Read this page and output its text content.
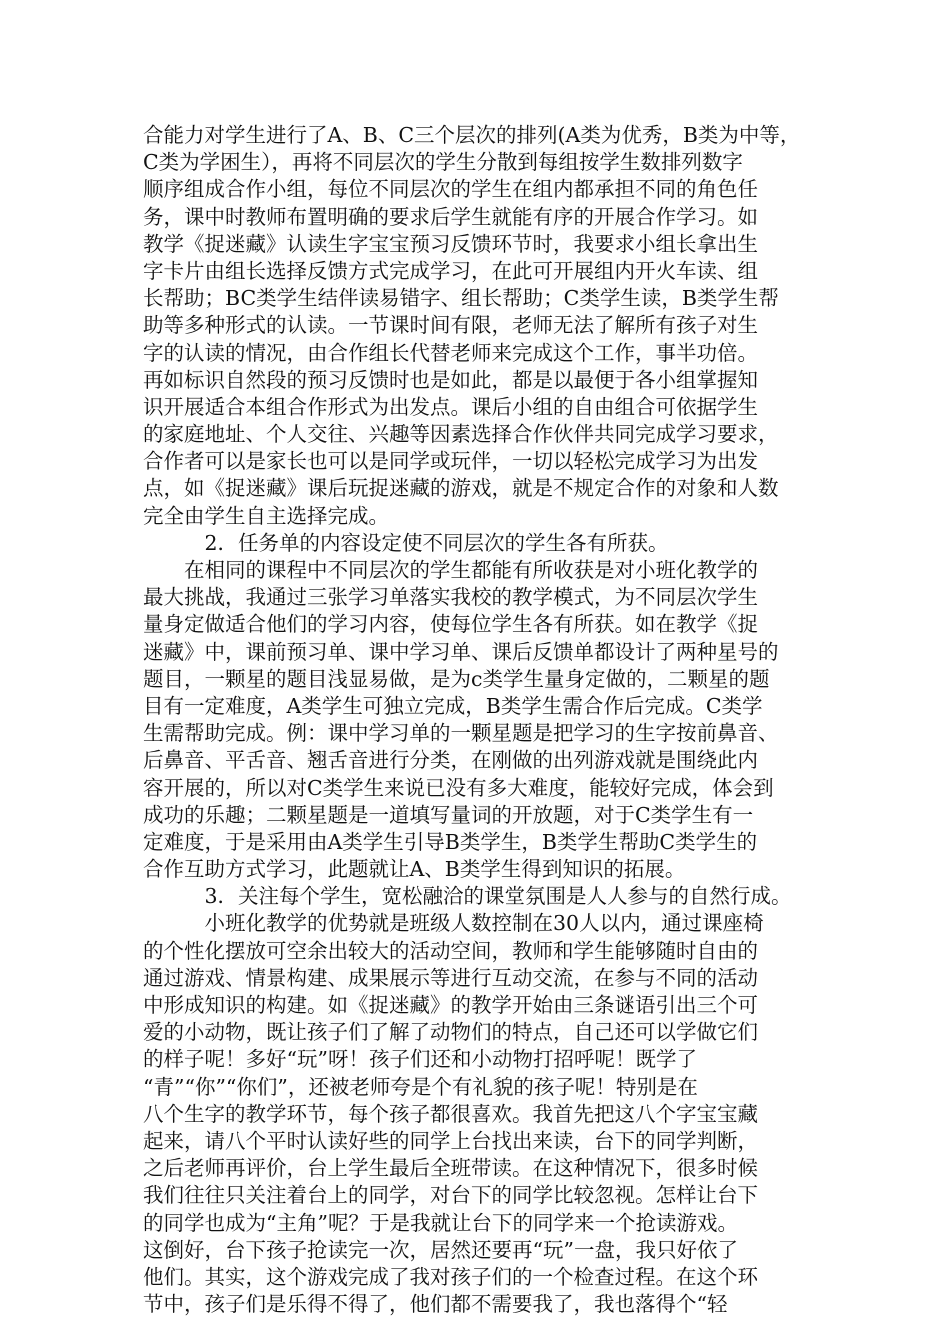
合能力对学生进行了A、B、C三个层次的排列(A类为优秀，B类为中等，
C类为学困生），再将不同层次的学生分散到每组按学生数排列数字
顺序组成合作小组，每位不同层次的学生在组内都承担不同的角色任
务，课中时教师布置明确的要求后学生就能有序的开展合作学习。如
教学《捉迷藏》认读生字宝宝预习反馈环节时，我要求小组长拿出生
字卡片由组长选择反馈方式完成学习，在此可开展组内开火车读、组
长帮助；BC类学生结伴读易错字、组长帮助；C类学生读，B类学生帮
助等多种形式的认读。一节课时间有限，老师无法了解所有孩子对生
字的认读的情况，由合作组长代替老师来完成这个工作，事半功倍。
再如标识自然段的预习反馈时也是如此，都是以最便于各小组掌握知
识开展适合本组合作形式为出发点。课后小组的自由组合可依据学生
的家庭地址、个人交往、兴趣等因素选择合作伙伴共同完成学习要求，
合作者可以是家长也可以是同学或玩伴，一切以轻松完成学习为出发
点，如《捉迷藏》课后玩捉迷藏的游戏，就是不规定合作的对象和人数
完全由学生自主选择完成。
　　　2．任务单的内容设定使不同层次的学生各有所获。
　　在相同的课程中不同层次的学生都能有所收获是对小班化教学的
最大挑战，我通过三张学习单落实我校的教学模式，为不同层次学生
量身定做适合他们的学习内容，使每位学生各有所获。如在教学《捉
迷藏》中，课前预习单、课中学习单、课后反馈单都设计了两种星号的
题目，一颗星的题目浅显易做，是为c类学生量身定做的，二颗星的题
目有一定难度，A类学生可独立完成，B类学生需合作后完成。C类学
生需帮助完成。例：课中学习单的一颗星题是把学习的生字按前鼻音、
后鼻音、平舌音、翘舌音进行分类，在刚做的出列游戏就是围绕此内
容开展的，所以对C类学生来说已没有多大难度，能较好完成，体会到
成功的乐趣；二颗星题是一道填写量词的开放题，对于C类学生有一
定难度，于是采用由A类学生引导B类学生，B类学生帮助C类学生的
合作互助方式学习，此题就让A、B类学生得到知识的拓展。
　　　3．关注每个学生，宽松融洽的课堂氛围是人人参与的自然行成。
　　　小班化教学的优势就是班级人数控制在30人以内，通过课座椅
的个性化摆放可空余出较大的活动空间，教师和学生能够随时自由的
通过游戏、情景构建、成果展示等进行互动交流，在参与不同的活动
中形成知识的构建。如《捉迷藏》的教学开始由三条谜语引出三个可
爱的小动物，既让孩子们了解了动物们的特点，自己还可以学做它们
的样子呢！多好“玩”呀！孩子们还和小动物打招呼呢！既学了
“青”“你”“你们”，还被老师夸是个有礼貌的孩子呢！特别是在
八个生字的教学环节，每个孩子都很喜欢。我首先把这八个字宝宝藏
起来，请八个平时认读好些的同学上台找出来读，台下的同学判断，
之后老师再评价，台上学生最后全班带读。在这种情况下，很多时候
我们往往只关注着台上的同学，对台下的同学比较忽视。怎样让台下
的同学也成为“主角”呢？于是我就让台下的同学来一个抢读游戏。
这倒好，台下孩子抢读完一次，居然还要再“玩”一盘，我只好依了
他们。其实，这个游戏完成了我对孩子们的一个检查过程。在这个环
节中，孩子们是乐得不得了，他们都不需要我了，我也落得个“轻
